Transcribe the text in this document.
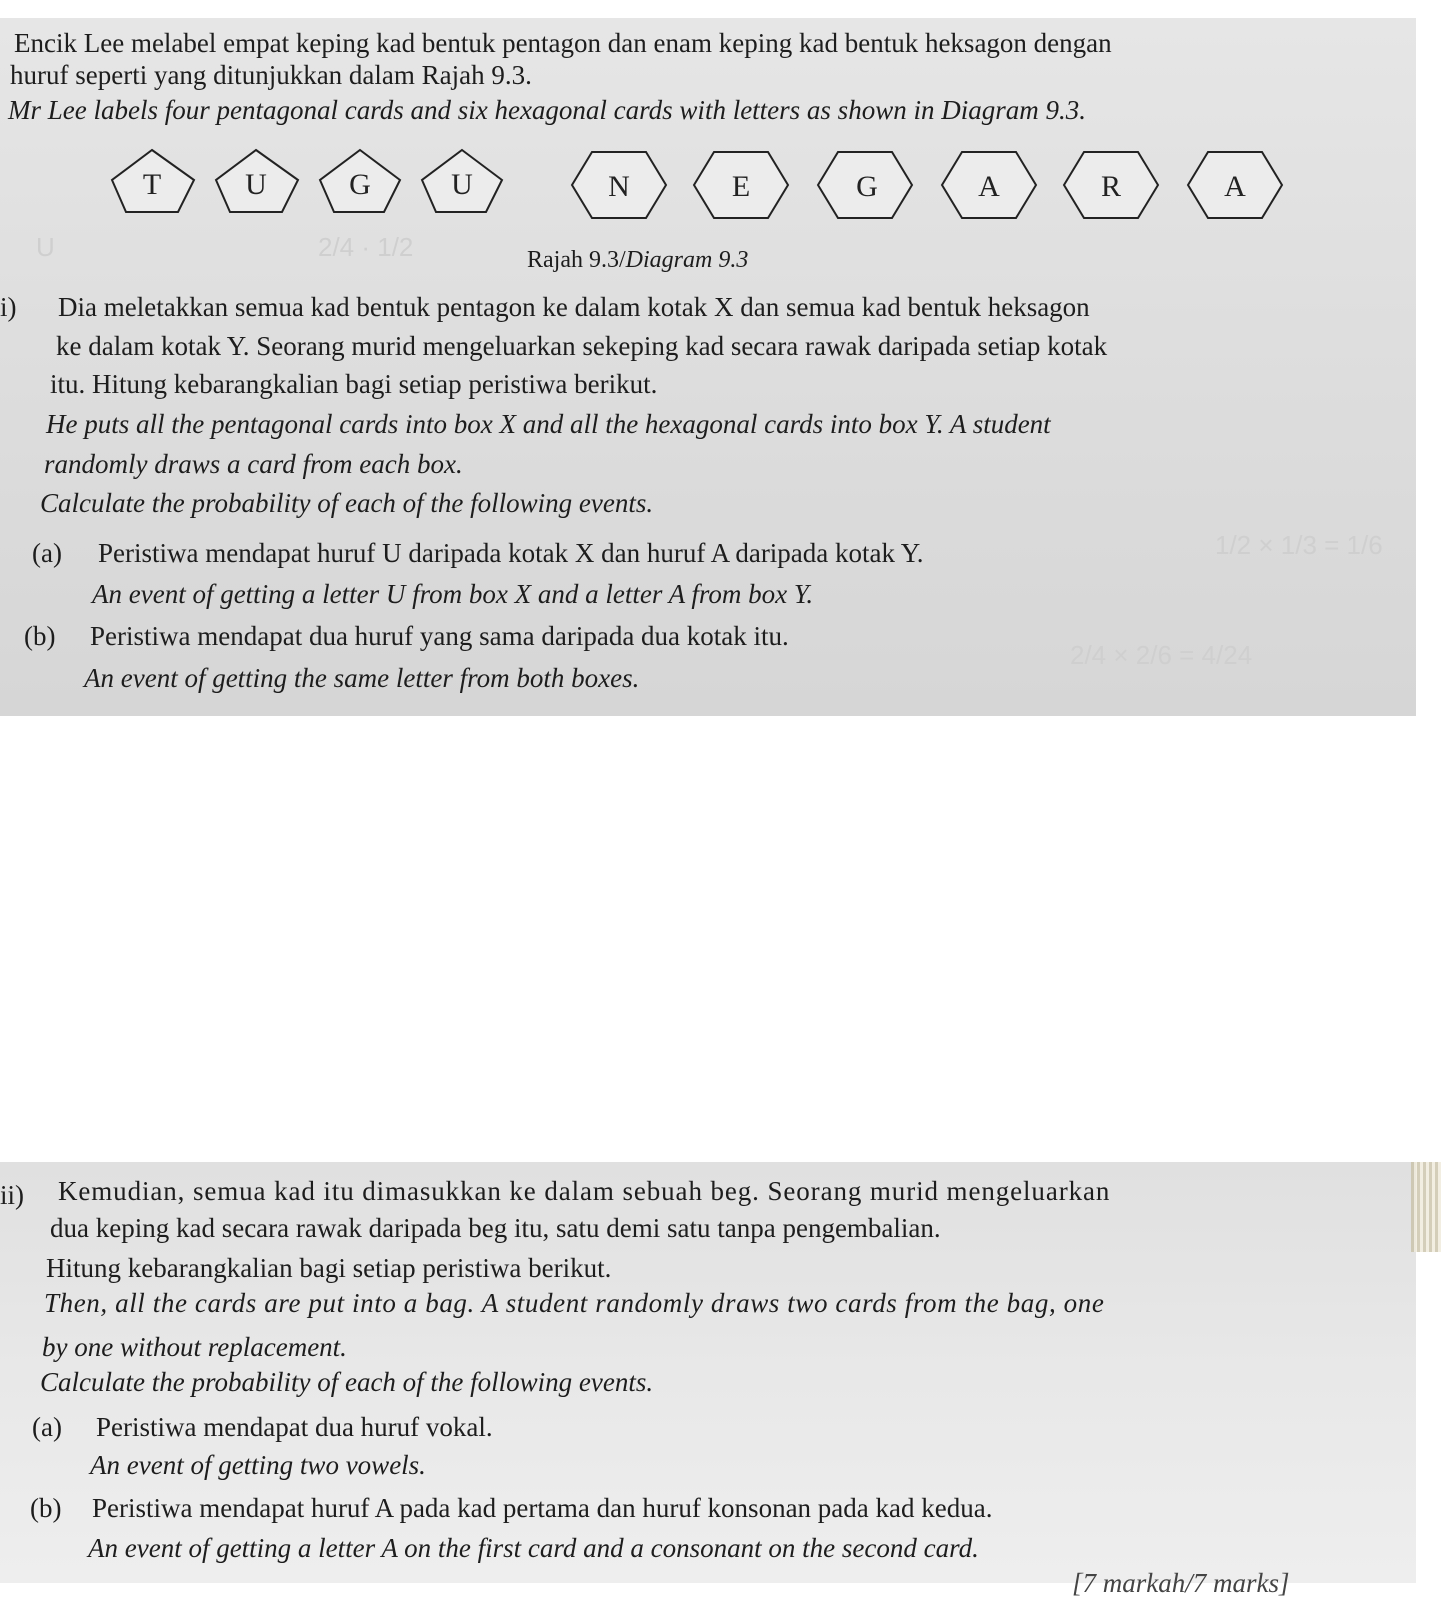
Encik Lee melabel empat keping kad bentuk pentagon dan enam keping kad bentuk heksagon dengan
huruf seperti yang ditunjukkan dalam Rajah 9.3.
Mr Lee labels four pentagonal cards and six hexagonal cards with letters as shown in Diagram 9.3.
T	U	G	U	N	E	G	A	R	A
U	2/4 · 1/2	Rajah 9.3/Diagram 9.3
i) Dia meletakkan semua kad bentuk pentagon ke dalam kotak X dan semua kad bentuk heksagon
ke dalam kotak Y. Seorang murid mengeluarkan sekeping kad secara rawak daripada setiap kotak
itu. Hitung kebarangkalian bagi setiap peristiwa berikut.
He puts all the pentagonal cards into box X and all the hexagonal cards into box Y. A student
randomly draws a card from each box.
Calculate the probability of each of the following events.
(a) Peristiwa mendapat huruf U daripada kotak X dan huruf A daripada kotak Y.
An event of getting a letter U from box X and a letter A from box Y.
(b) Peristiwa mendapat dua huruf yang sama daripada dua kotak itu.
An event of getting the same letter from both boxes.
1/2 × 1/3 = 1/6
2/4 × 2/6 = 4/24
ii) Kemudian, semua kad itu dimasukkan ke dalam sebuah beg. Seorang murid mengeluarkan
dua keping kad secara rawak daripada beg itu, satu demi satu tanpa pengembalian.
Hitung kebarangkalian bagi setiap peristiwa berikut.
Then, all the cards are put into a bag. A student randomly draws two cards from the bag, one
by one without replacement.
Calculate the probability of each of the following events.
(a) Peristiwa mendapat dua huruf vokal.
An event of getting two vowels.
(b) Peristiwa mendapat huruf A pada kad pertama dan huruf konsonan pada kad kedua.
An event of getting a letter A on the first card and a consonant on the second card.
[7 markah/7 marks]
